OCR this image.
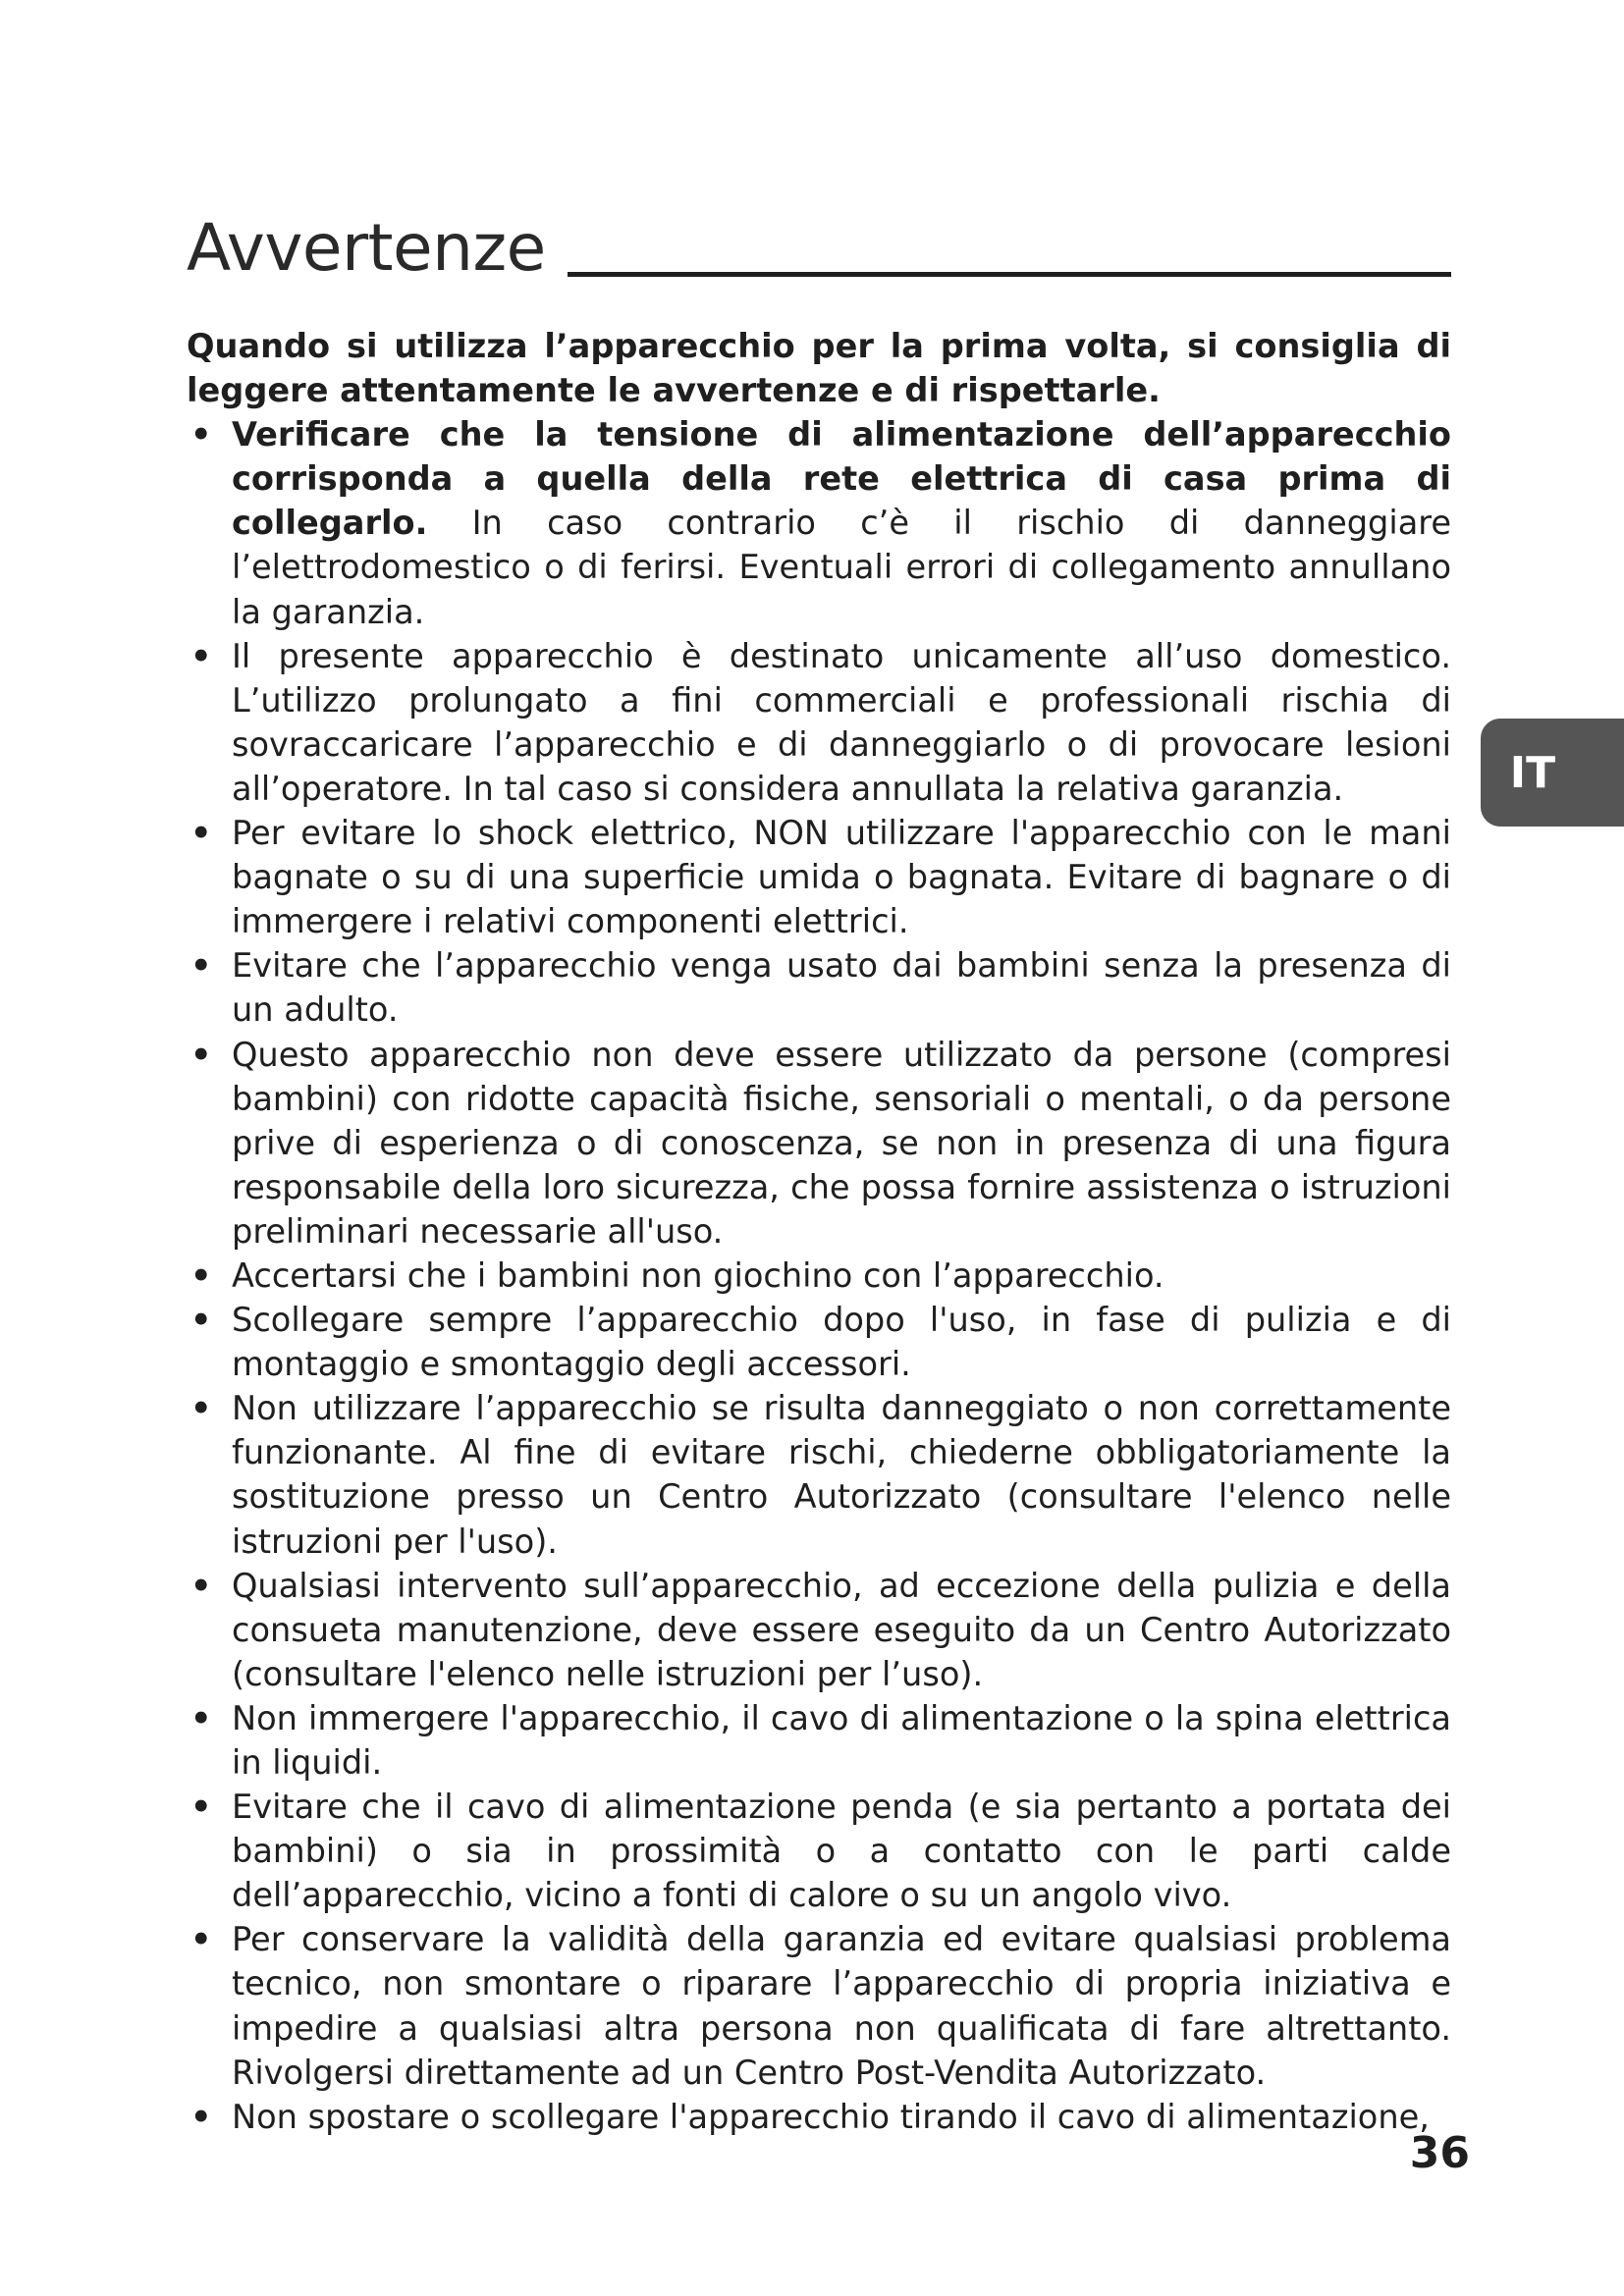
Avvertenze

Quando si utilizza l’apparecchio per la prima volta, si consiglia di leggere attentamente le avvertenze e di rispettarle.

• Verificare che la tensione di alimentazione dell’apparecchio corrisponda a quella della rete elettrica di casa prima di collegarlo. In caso contrario c’è il rischio di danneggiare l’elettrodomestico o di ferirsi. Eventuali errori di collegamento annullano la garanzia.
• Il presente apparecchio è destinato unicamente all’uso domestico. L’utilizzo prolungato a fini commerciali e professionali rischia di sovraccaricare l’apparecchio e di danneggiarlo o di provocare lesioni all’operatore. In tal caso si considera annullata la relativa garanzia.
• Per evitare lo shock elettrico, NON utilizzare l'apparecchio con le mani bagnate o su di una superficie umida o bagnata. Evitare di bagnare o di immergere i relativi componenti elettrici.
• Evitare che l’apparecchio venga usato dai bambini senza la presenza di un adulto.
• Questo apparecchio non deve essere utilizzato da persone (compresi bambini) con ridotte capacità fisiche, sensoriali o mentali, o da persone prive di esperienza o di conoscenza, se non in presenza di una figura responsabile della loro sicurezza, che possa fornire assistenza o istruzioni preliminari necessarie all'uso.
• Accertarsi che i bambini non giochino con l’apparecchio.
• Scollegare sempre l’apparecchio dopo l'uso, in fase di pulizia e di montaggio e smontaggio degli accessori.
• Non utilizzare l’apparecchio se risulta danneggiato o non correttamente funzionante. Al fine di evitare rischi, chiederne obbligatoriamente la sostituzione presso un Centro Autorizzato (consultare l'elenco nelle istruzioni per l'uso).
• Qualsiasi intervento sull’apparecchio, ad eccezione della pulizia e della consueta manutenzione, deve essere eseguito da un Centro Autorizzato (consultare l'elenco nelle istruzioni per l’uso).
• Non immergere l'apparecchio, il cavo di alimentazione o la spina elettrica in liquidi.
• Evitare che il cavo di alimentazione penda (e sia pertanto a portata dei bambini) o sia in prossimità o a contatto con le parti calde dell’apparecchio, vicino a fonti di calore o su un angolo vivo.
• Per conservare la validità della garanzia ed evitare qualsiasi problema tecnico, non smontare o riparare l’apparecchio di propria iniziativa e impedire a qualsiasi altra persona non qualificata di fare altrettanto. Rivolgersi direttamente ad un Centro Post-Vendita Autorizzato.
• Non spostare o scollegare l'apparecchio tirando il cavo di alimentazione,
IT
36
